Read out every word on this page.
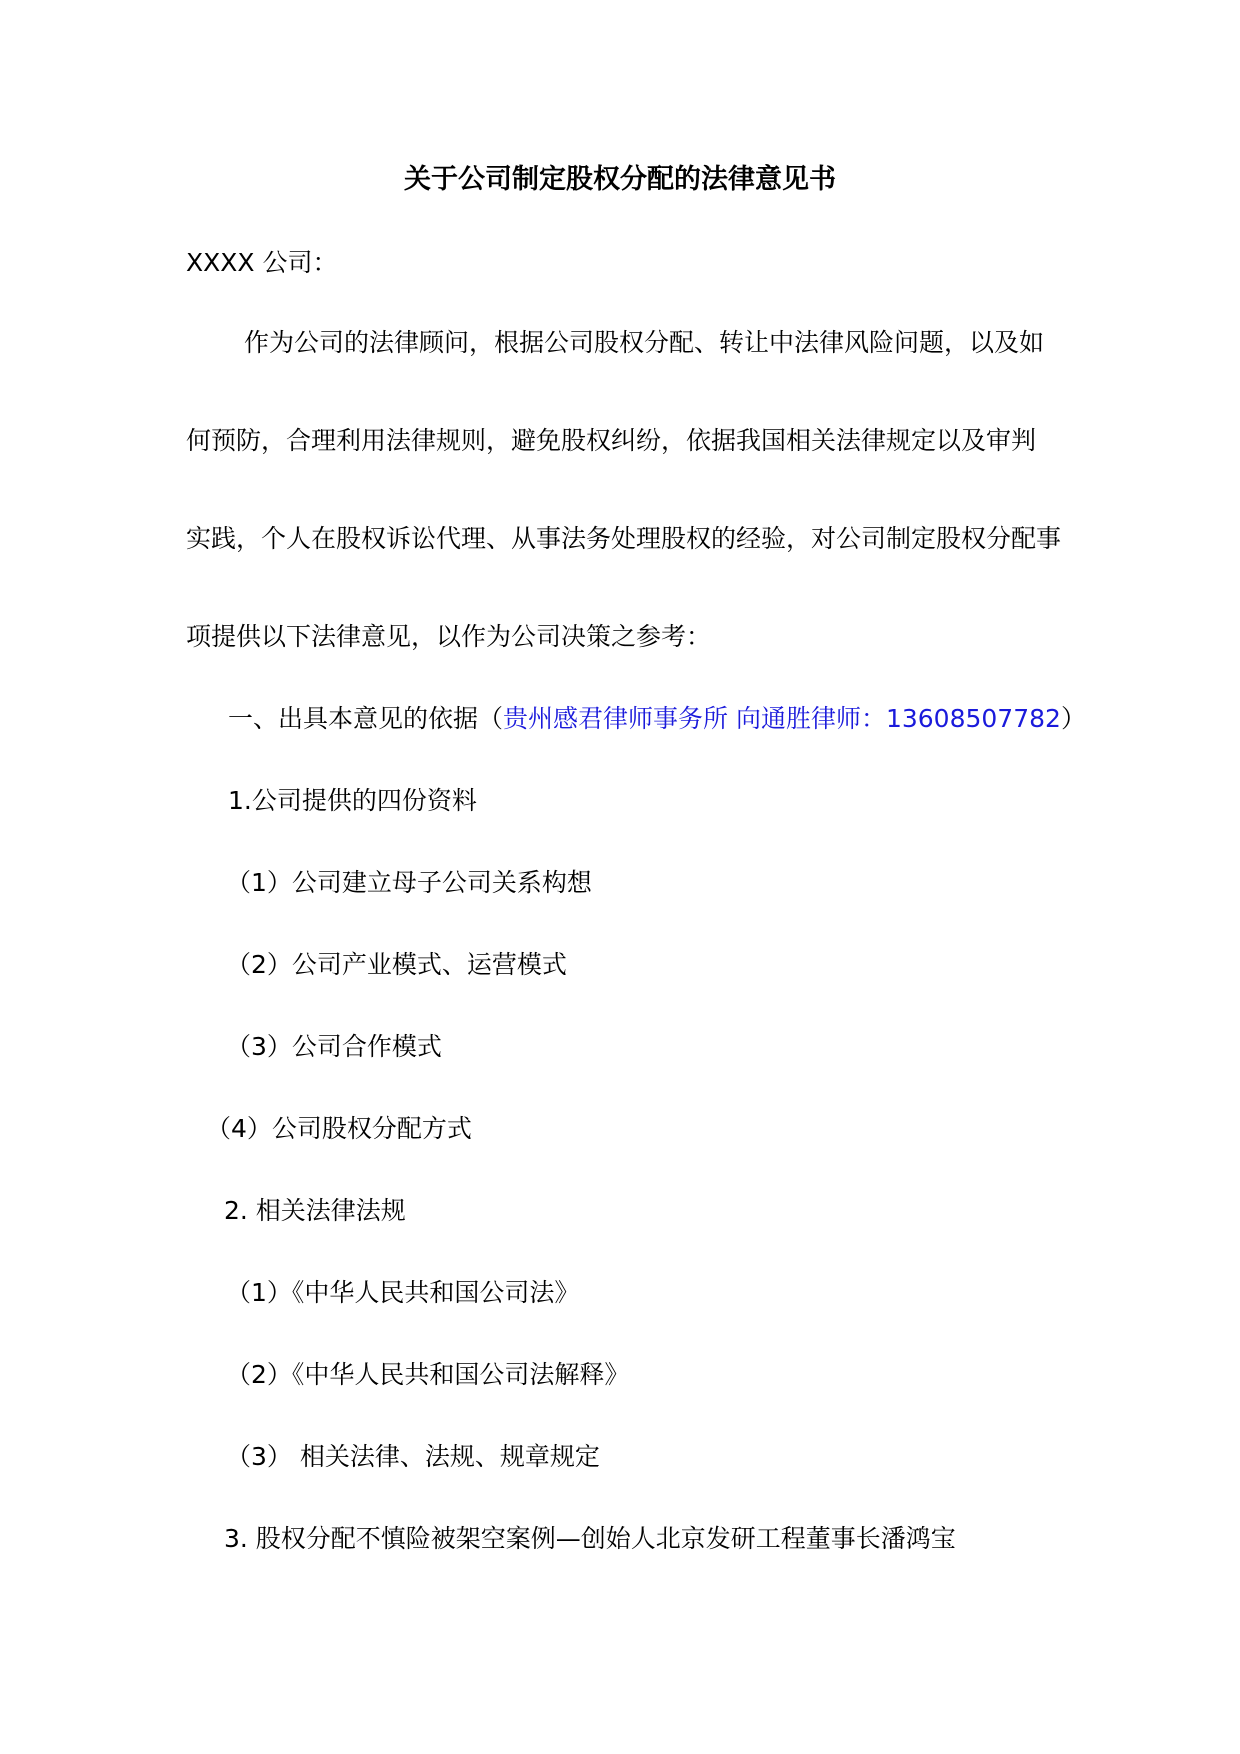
关于公司制定股权分配的法律意见书
XXXX 公司：
作为公司的法律顾问，根据公司股权分配、转让中法律风险问题，以及如
何预防，合理利用法律规则，避免股权纠纷，依据我国相关法律规定以及审判
实践，个人在股权诉讼代理、从事法务处理股权的经验，对公司制定股权分配事
项提供以下法律意见，以作为公司决策之参考：
一、出具本意见的依据（贵州感君律师事务所 向通胜律师：13608507782）
1.公司提供的四份资料
（1）公司建立母子公司关系构想
（2）公司产业模式、运营模式
（3）公司合作模式
（4）公司股权分配方式
2. 相关法律法规
（1）《中华人民共和国公司法》
（2）《中华人民共和国公司法解释》
（3） 相关法律、法规、规章规定
3. 股权分配不慎险被架空案例—创始人北京发研工程董事长潘鸿宝
